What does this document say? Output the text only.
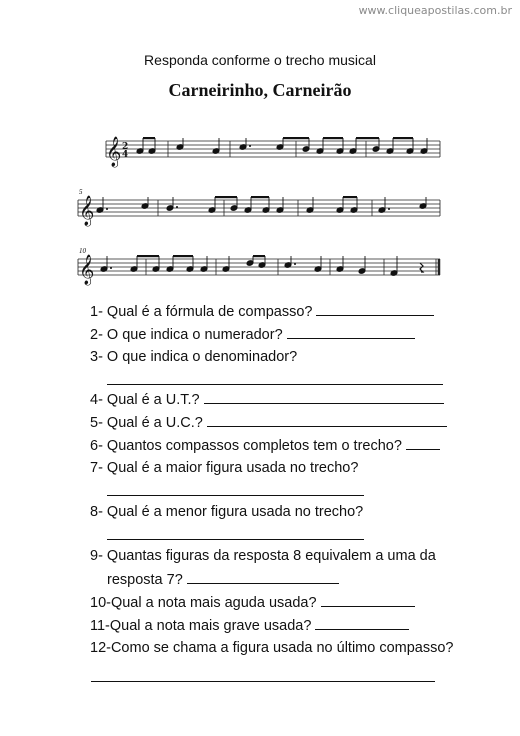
www.cliqueapostilas.com.br
Responda conforme o trecho musical
Carneirinho, Carneirão
𝄞
𝄞
𝄞
2
4
5
10
1- Qual é a fórmula de compasso?
2- O que indica o numerador?
3- O que indica o denominador?
4- Qual é a U.T.?
5- Qual é a U.C.?
6- Quantos compassos completos tem o trecho?
7- Qual é a maior figura usada no trecho?
8- Qual é a menor figura usada no trecho?
9- Quantas figuras da resposta 8 equivalem a uma da
resposta 7?
10-Qual a nota mais aguda usada?
11-Qual a nota mais grave usada?
12-Como se chama a figura usada no último compasso?
